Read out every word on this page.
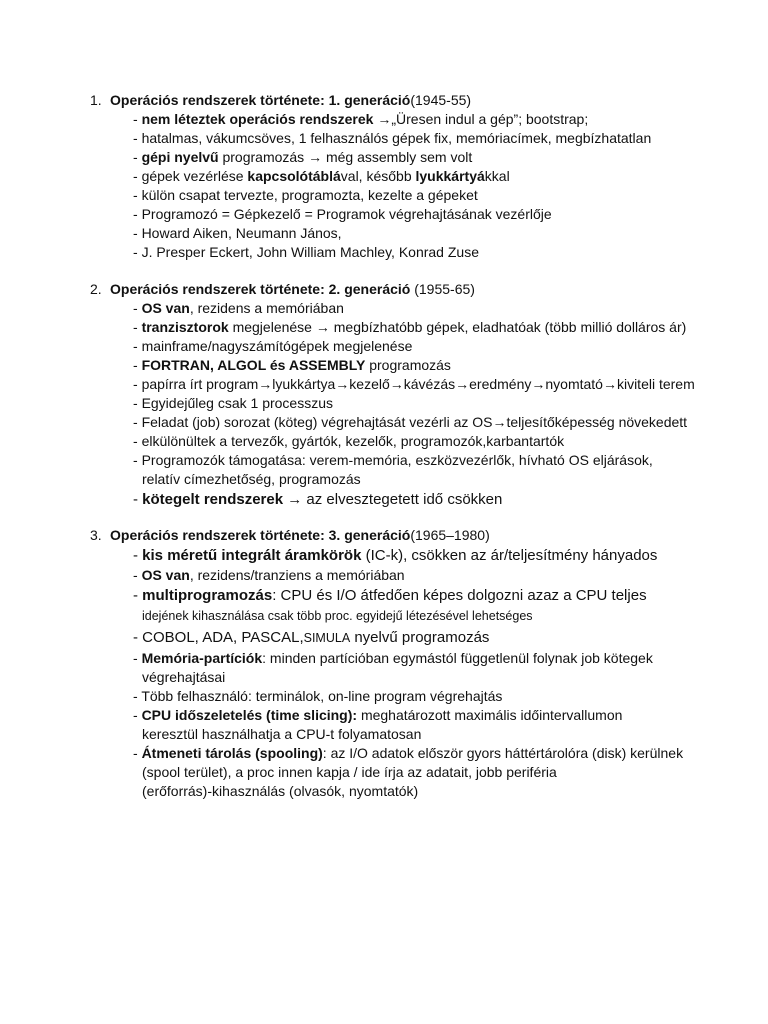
1. Operációs rendszerek története: 1. generáció(1945-55)
- nem léteztek operációs rendszerek →„Üresen indul a gép”; bootstrap;
- hatalmas, vákumcsöves, 1 felhasználós gépek fix, memóriacímek, megbízhatatlan
- gépi nyelvű programozás → még assembly sem volt
- gépek vezérlése kapcsolótáblával, később lyukkártyákkal
- külön csapat tervezte, programozta, kezelte a gépeket
- Programozó = Gépkezelő = Programok végrehajtásának vezérlője
- Howard Aiken, Neumann János,
- J. Presper Eckert, John William Machley, Konrad Zuse
2. Operációs rendszerek története: 2. generáció (1955-65)
- OS van, rezidens a memóriában
- tranzisztorok megjelenése → megbízhatóbb gépek, eladhatóak (több millió dolláros ár)
- mainframe/nagyszámítógépek megjelenése
- FORTRAN, ALGOL és ASSEMBLY programozás
- papírra írt program→lyukkártya→kezelő→kávézás→eredmény→nyomtató→kiviteli terem
- Egyidejűleg csak 1 processzus
- Feladat (job) sorozat (köteg) végrehajtását vezérli az OS→teljesítőképesség növekedett
- elkülönültek a tervezők, gyártók, kezelők, programozók,karbantartók
- Programozók támogatása: verem-memória, eszközvezérlők, hívható OS eljárások,
relatív címezhetőség, programozás
- kötegelt rendszerek → az elvesztegetett idő csökken
3. Operációs rendszerek története: 3. generáció(1965–1980)
- kis méretű integrált áramkörök (IC-k), csökken az ár/teljesítmény hányados
- OS van, rezidens/tranziens a memóriában
- multiprogramozás: CPU és I/O átfedően képes dolgozni azaz a CPU teljes
idejének kihasználása csak több proc. egyidejű létezésével lehetséges
- COBOL, ADA, PASCAL,SIMULA nyelvű programozás
- Memória-partíciók: minden partícióban egymástól függetlenül folynak job kötegek
végrehajtásai
- Több felhasználó: terminálok, on-line program végrehajtás
- CPU időszeletelés (time slicing): meghatározott maximális időintervallumon
keresztül használhatja a CPU-t folyamatosan
- Átmeneti tárolás (spooling): az I/O adatok először gyors háttértárolóra (disk) kerülnek
(spool terület), a proc innen kapja / ide írja az adatait, jobb periféria
(erőforrás)-kihasználás (olvasók, nyomtatók)
